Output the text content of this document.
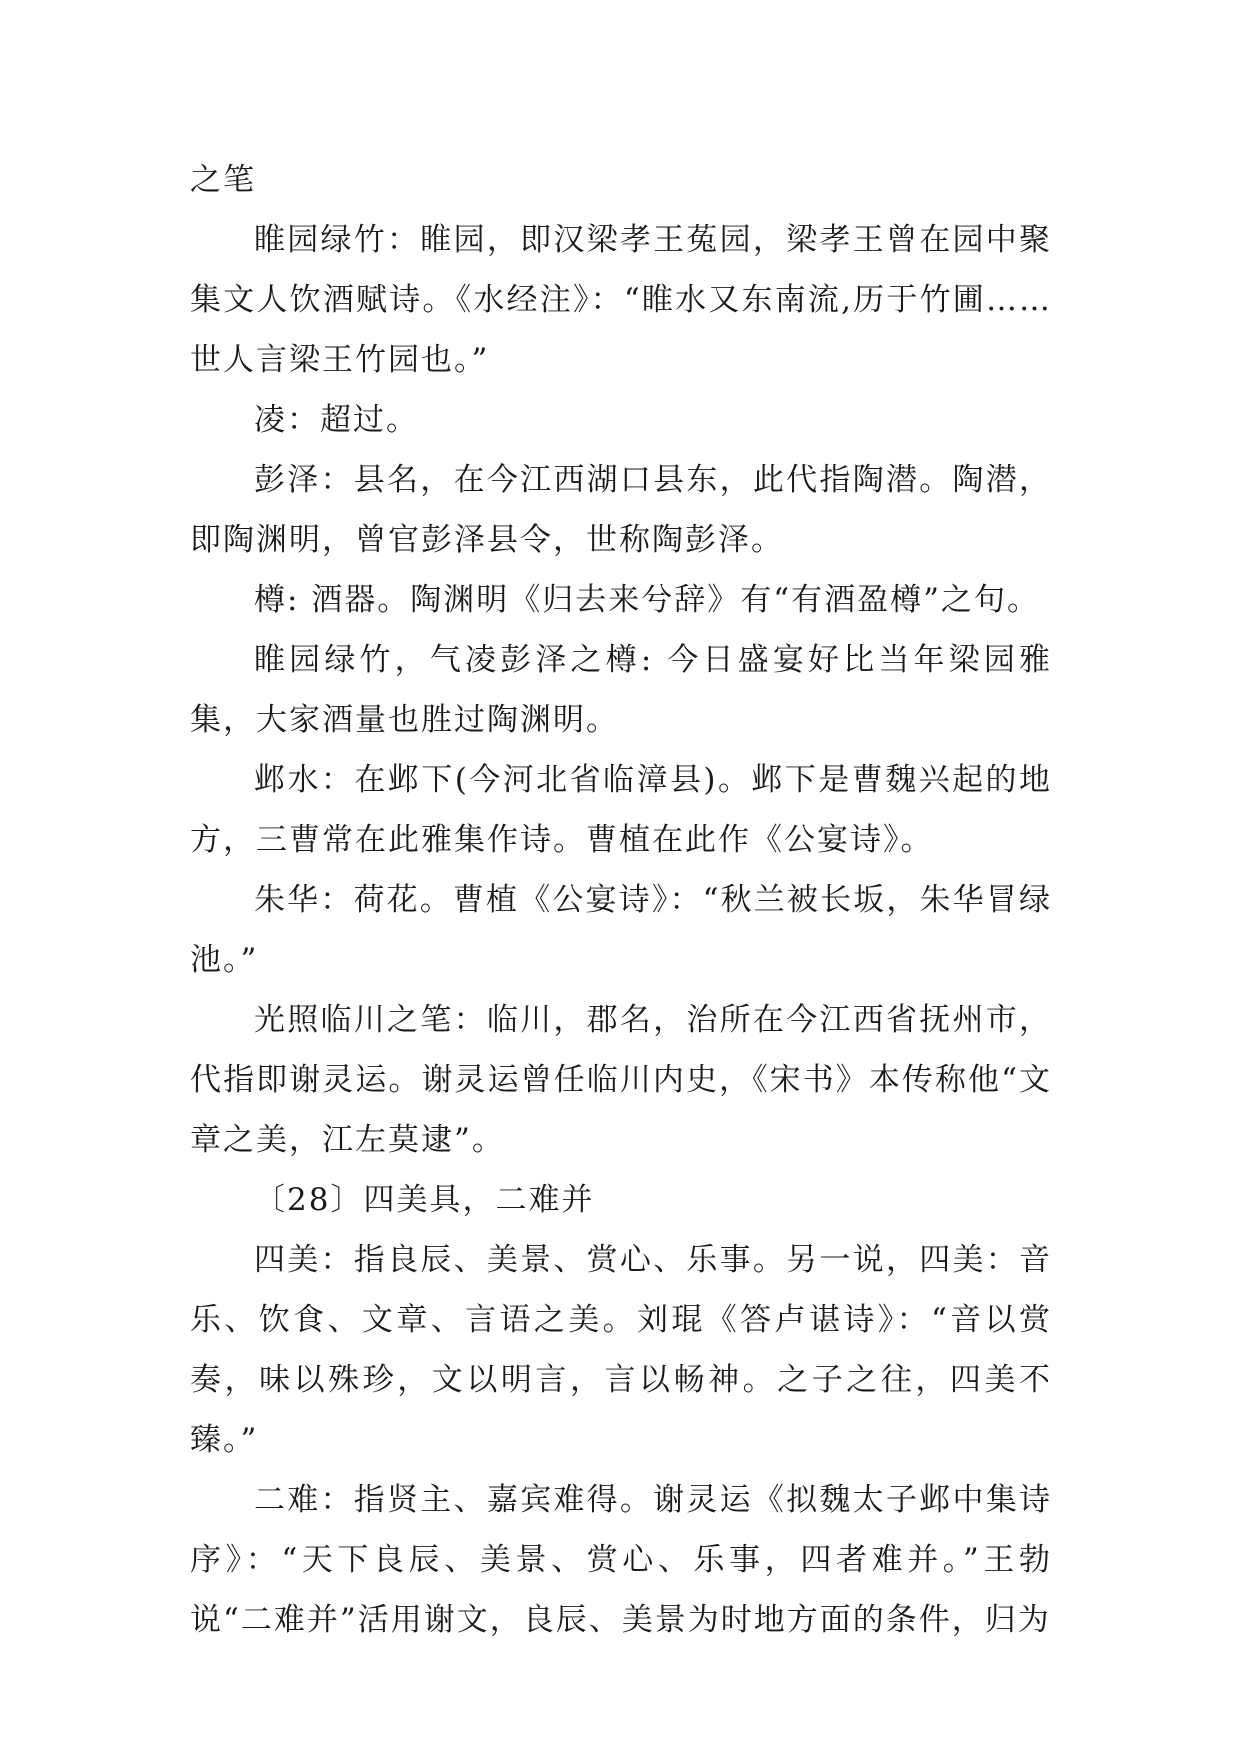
之笔

睢园绿竹：睢园，即汉梁孝王菟园，梁孝王曾在园中聚集文人饮酒赋诗。《水经注》：“睢水又东南流,历于竹圃……世人言梁王竹园也。”

凌：超过。

彭泽：县名，在今江西湖口县东，此代指陶潜。陶潜，即陶渊明，曾官彭泽县令，世称陶彭泽。

樽: 酒器。陶渊明《归去来兮辞》有“有酒盈樽”之句。

睢园绿竹，气凌彭泽之樽: 今日盛宴好比当年梁园雅集，大家酒量也胜过陶渊明。

邺水：在邺下(今河北省临漳县)。邺下是曹魏兴起的地方，三曹常在此雅集作诗。曹植在此作《公宴诗》。

朱华：荷花。曹植《公宴诗》：“秋兰被长坂，朱华冒绿池。”

光照临川之笔：临川，郡名，治所在今江西省抚州市，代指即谢灵运。谢灵运曾任临川内史，《宋书》本传称他“文章之美，江左莫逮”。

〔28〕四美具，二难并

四美：指良辰、美景、赏心、乐事。另一说，四美：音乐、饮食、文章、言语之美。刘琨《答卢谌诗》：“音以赏奏，味以殊珍，文以明言，言以畅神。之子之往，四美不臻。”

二难：指贤主、嘉宾难得。谢灵运《拟魏太子邺中集诗序》：“天下良辰、美景、赏心、乐事，四者难并。”王勃说“二难并”活用谢文，良辰、美景为时地方面的条件，归为
